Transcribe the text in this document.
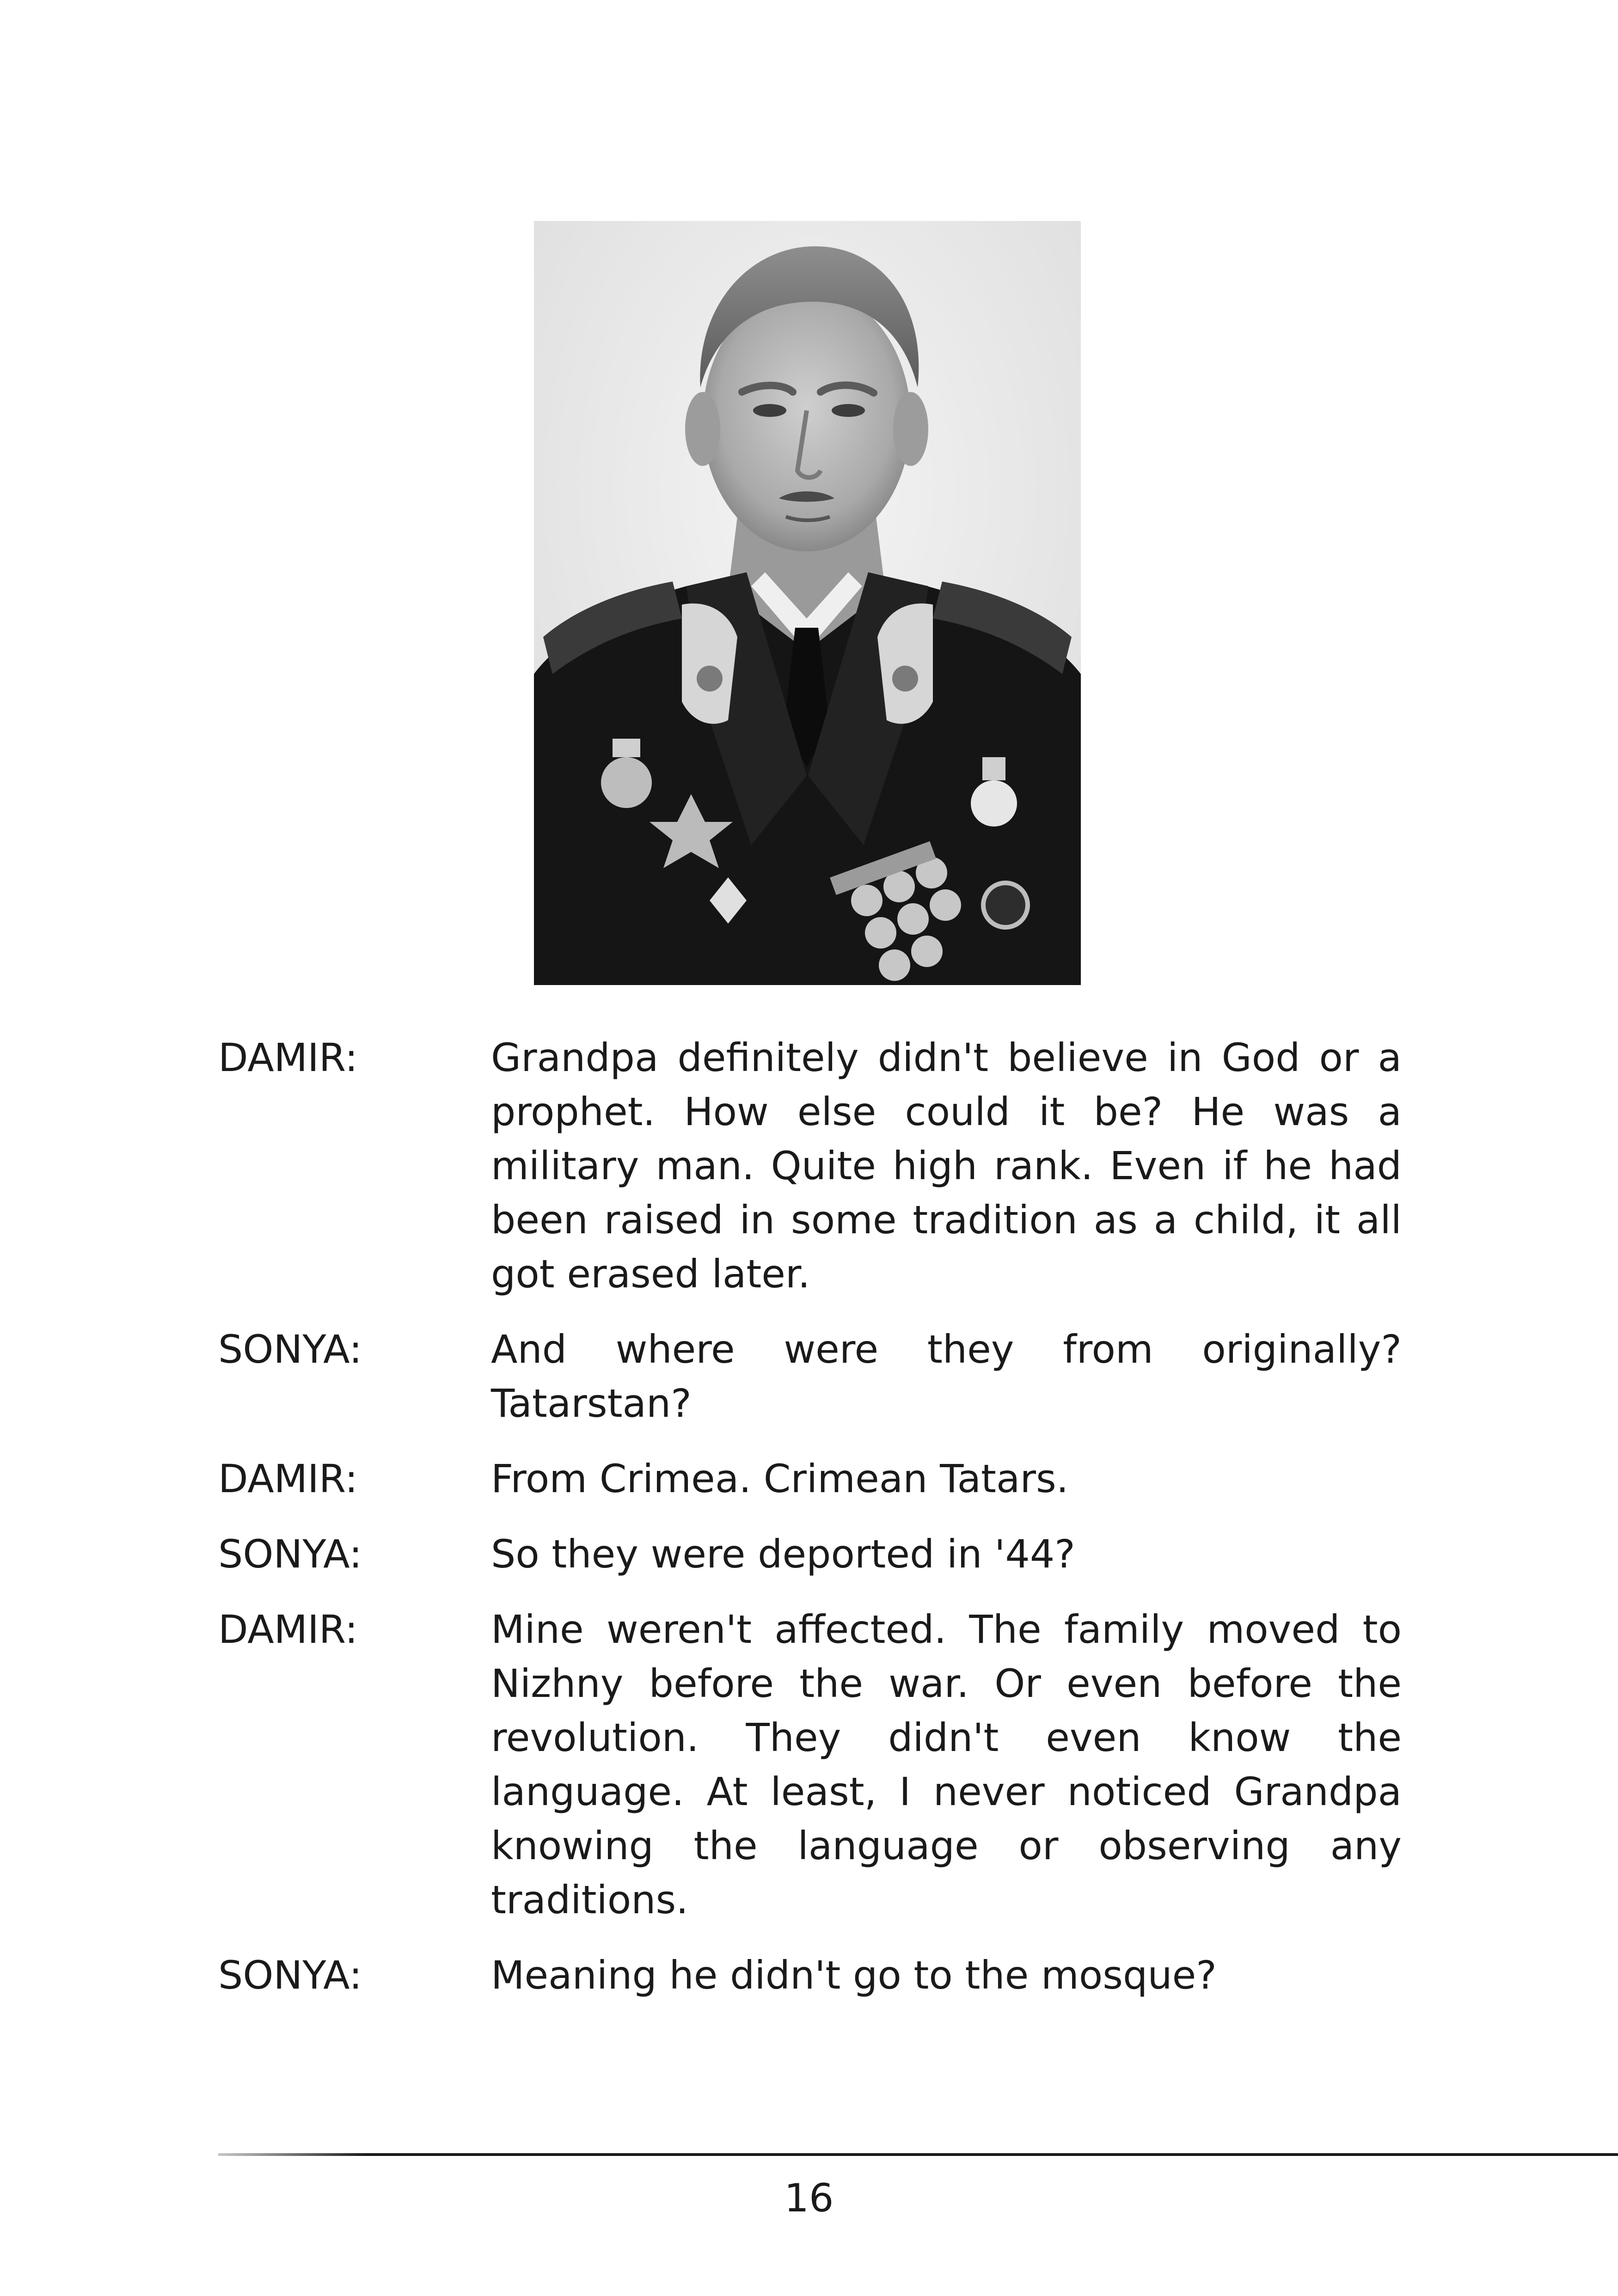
DAMIR:	Grandpa definitely didn't believe in God or a prophet. How else could it be? He was a military man. Quite high rank. Even if he had been raised in some tradition as a child, it all got erased later.
SONYA:	And where were they from originally? Tatarstan?
DAMIR:	From Crimea. Crimean Tatars.
SONYA:	So they were deported in '44?
DAMIR:	Mine weren't affected. The family moved to Nizhny before the war. Or even before the revolution. They didn't even know the language. At least, I never noticed Grandpa knowing the language or observing any traditions.
SONYA:	Meaning he didn't go to the mosque?
16
